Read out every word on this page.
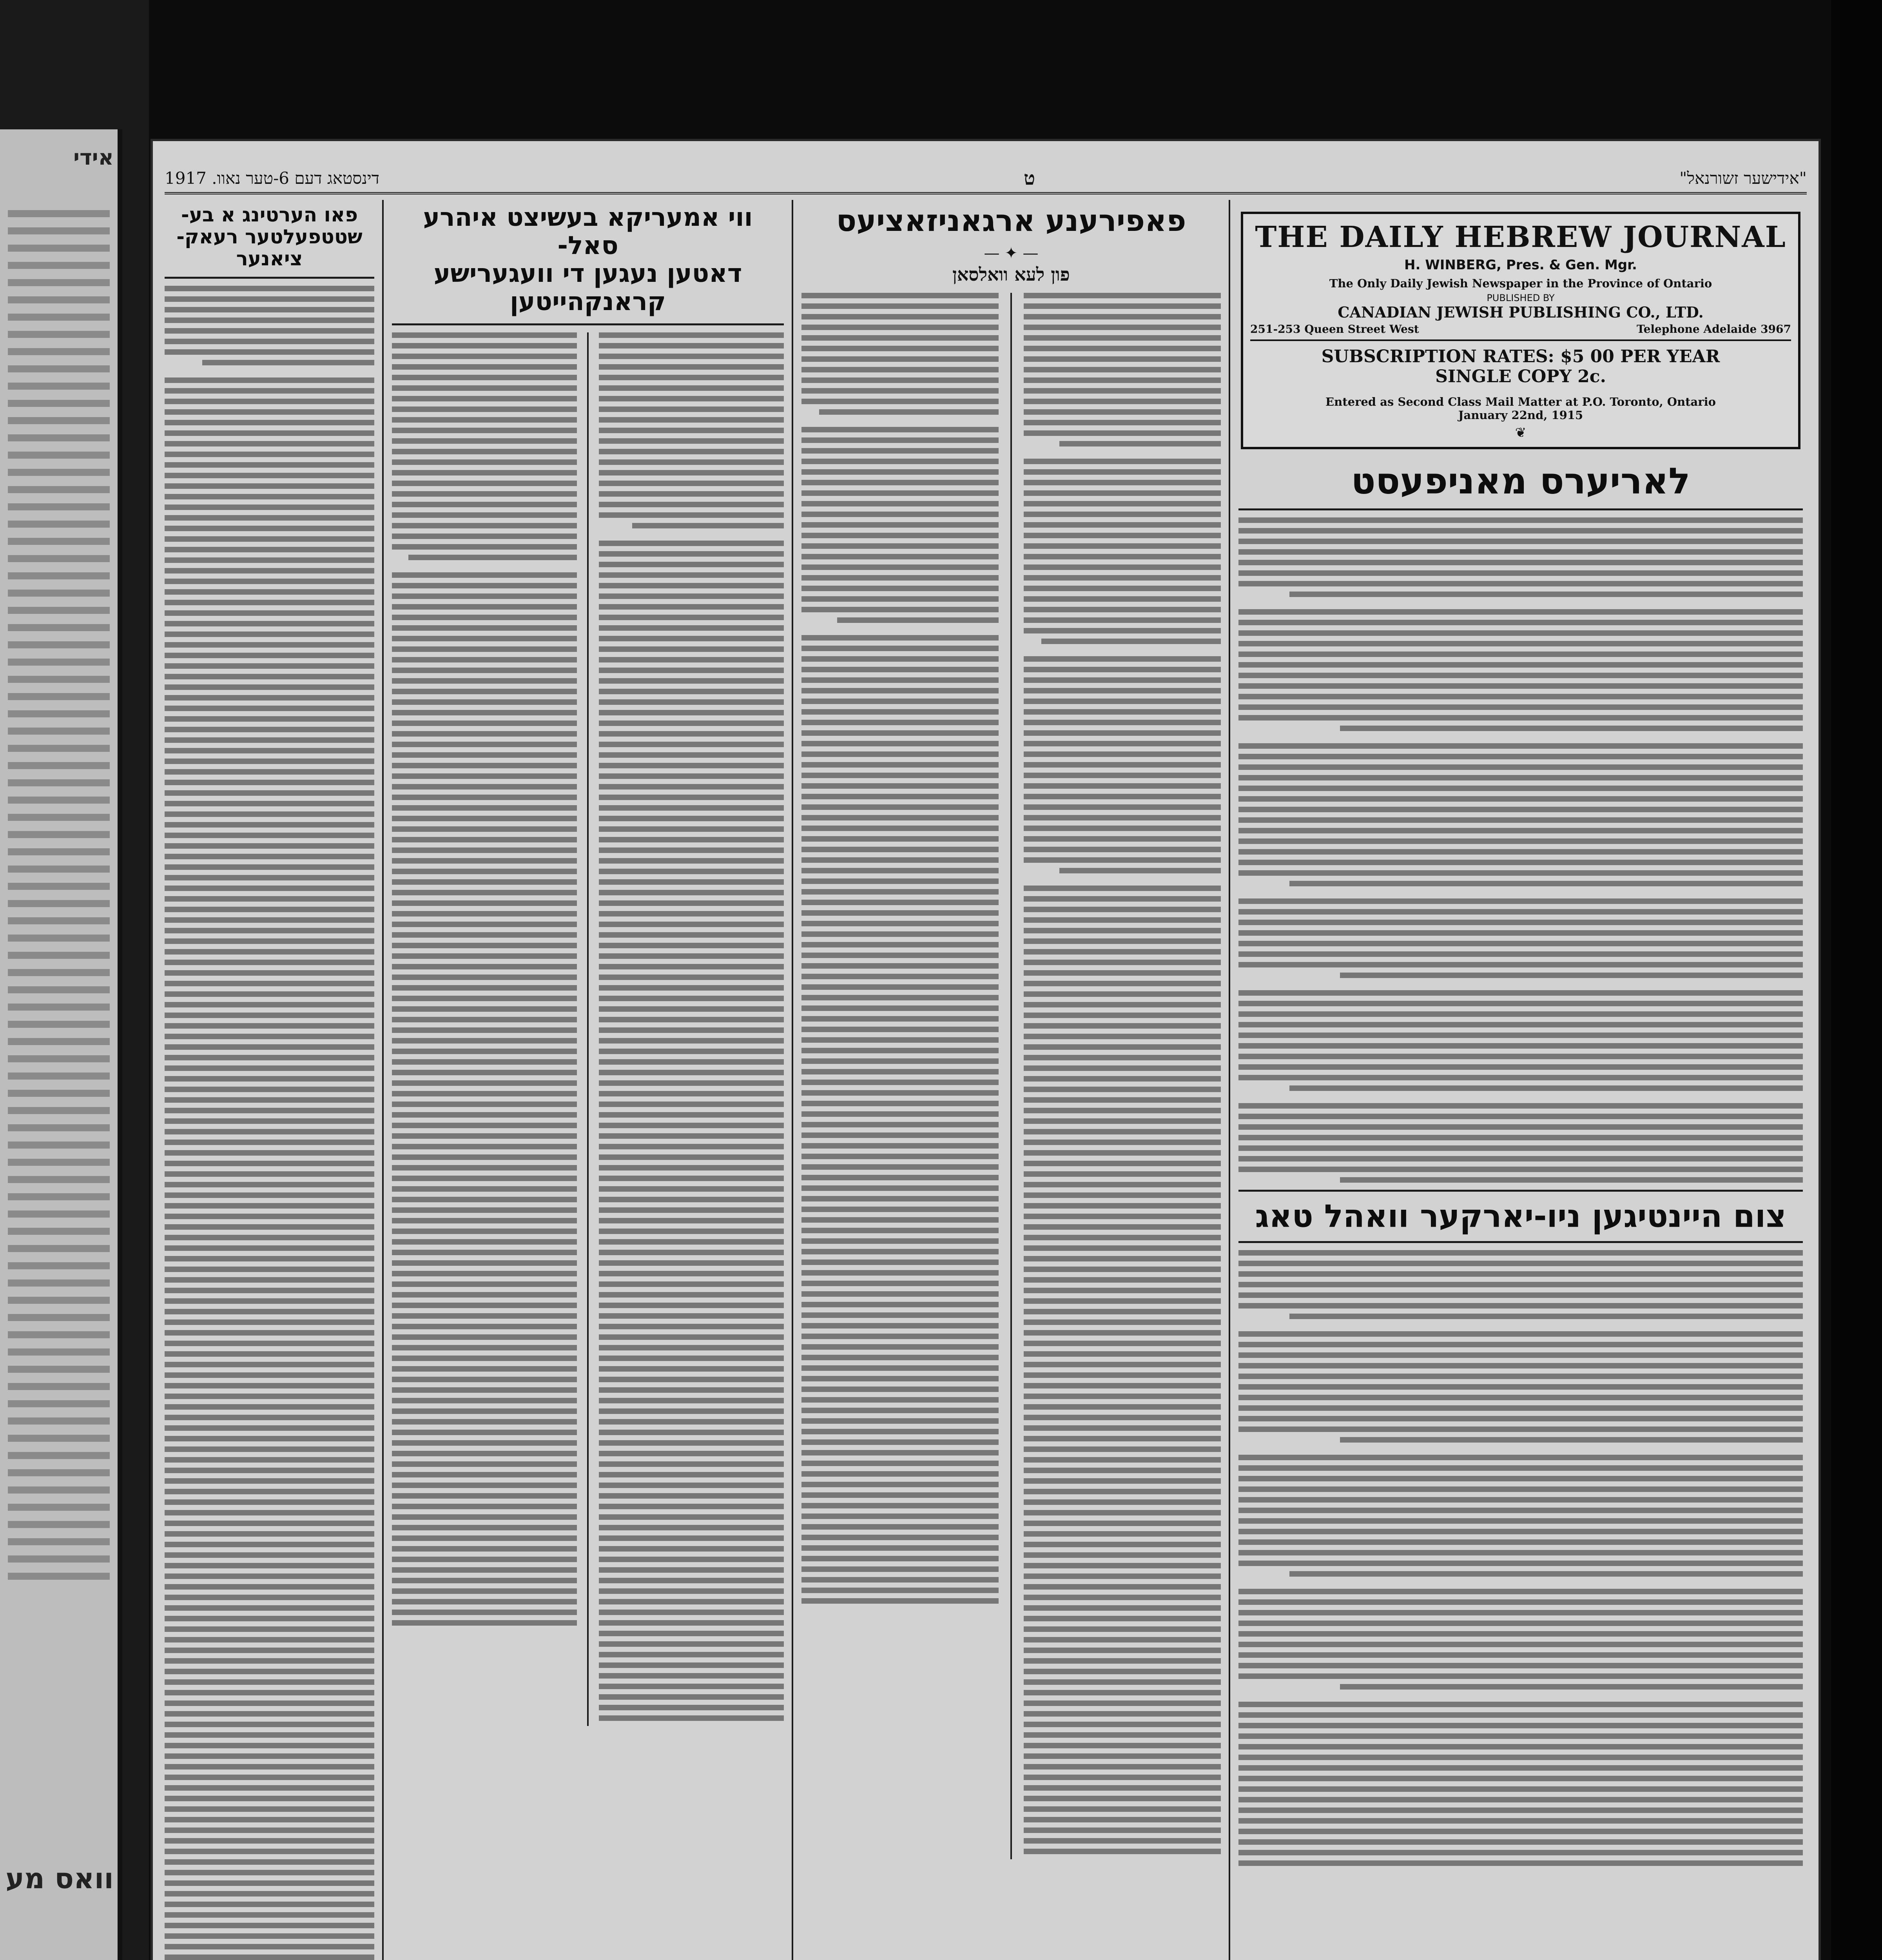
אידי
וואס מע
"אידישער זשורנאל"
ט
דינסטאג דעם 6-טער נאוו. 1917
THE DAILY HEBREW JOURNAL
H. WINBERG, Pres. & Gen. Mgr.
The Only Daily Jewish Newspaper in the Province of Ontario
PUBLISHED BY
CANADIAN JEWISH PUBLISHING CO., LTD.
251-253 Queen Street West	Telephone Adelaide 3967
SUBSCRIPTION RATES: $5 00 PER YEAR
SINGLE COPY 2c.
Entered as Second Class Mail Matter at P.O. Toronto, Ontario
January 22nd, 1915
❦
לאריערס מאניפעסט
צום היינטיגען ניו-יארקער וואהל טאג
פאפירענע ארגאניזאציעס
— ✦ —
פון לעא וואלסאן
ווי אמעריקא בעשיצט איהרע סאל-
דאטען נעגען די וועגערישע
קראנקהייטען
פאו הערטינג א בע-
שטטפעלטער רעאק-
ציאנער
